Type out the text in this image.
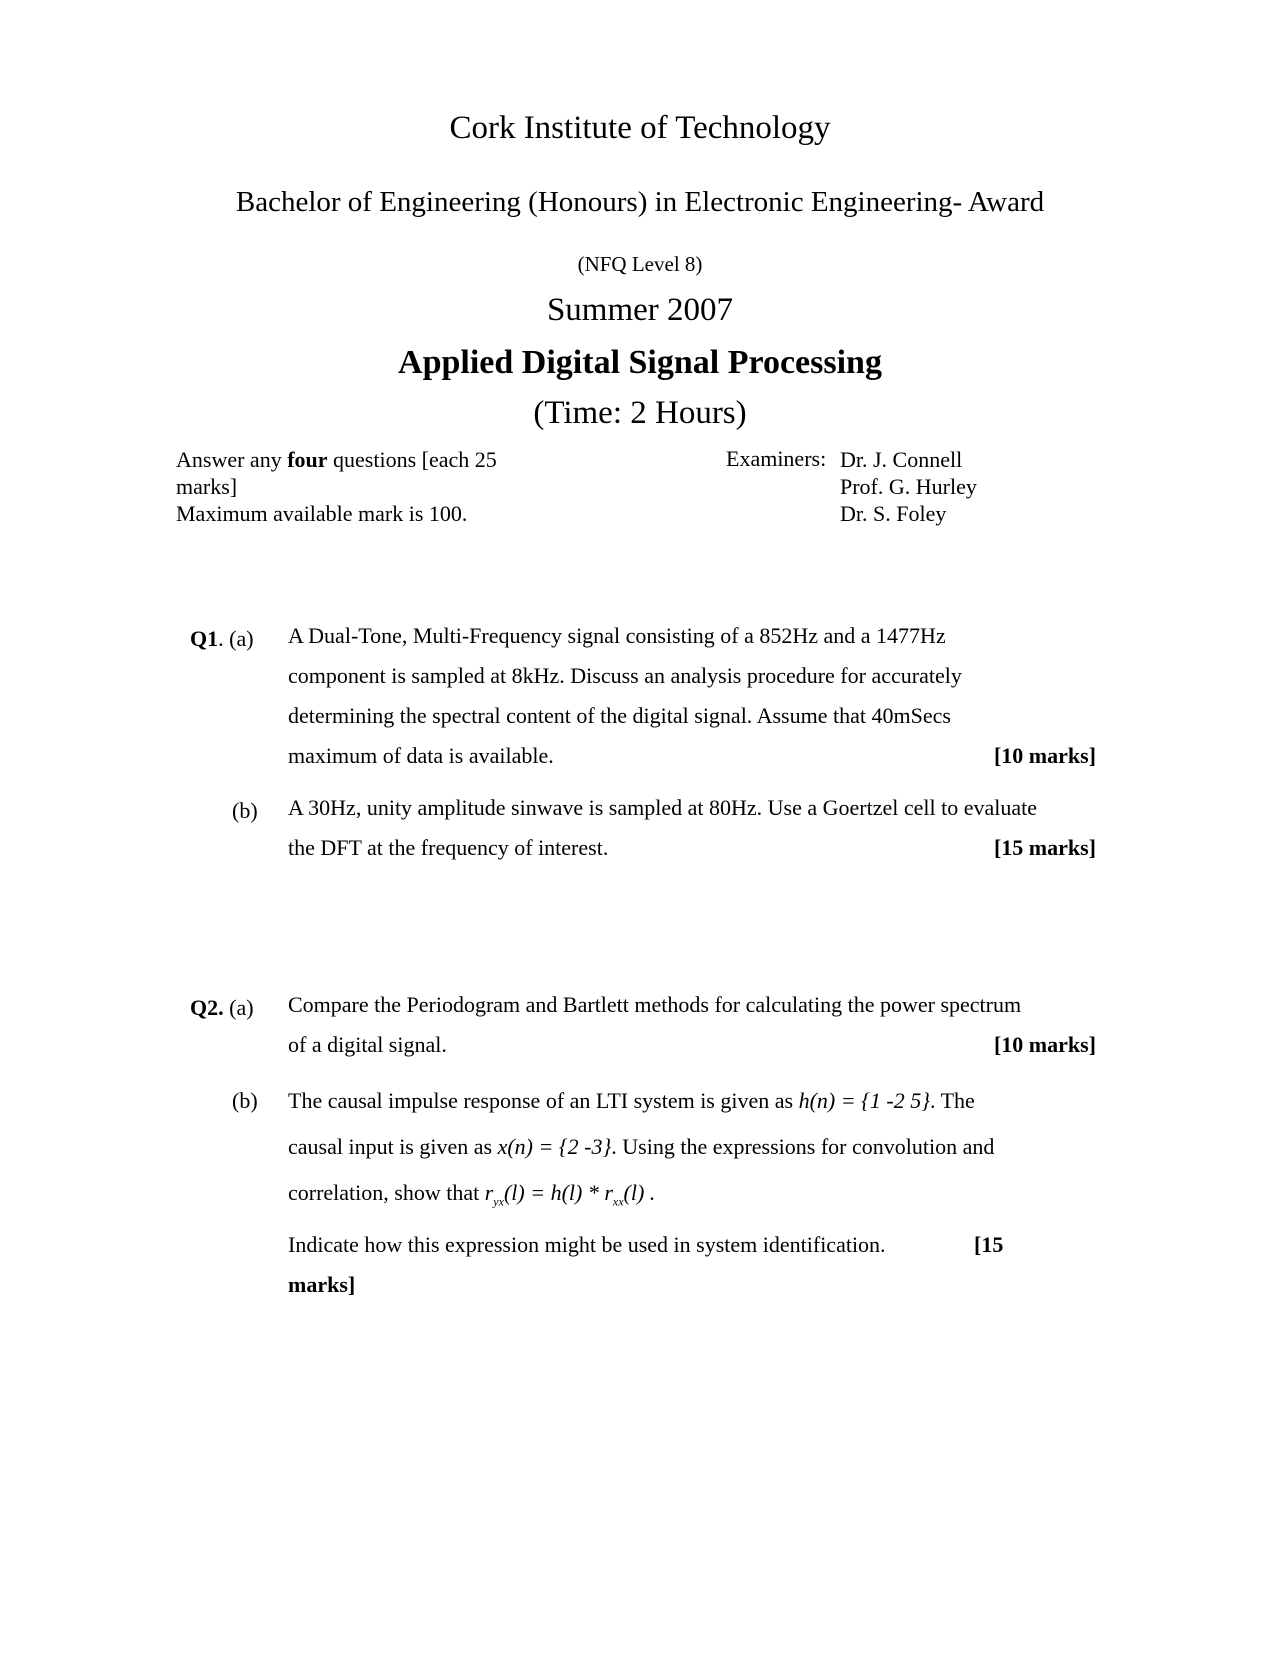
Cork Institute of Technology
Bachelor of Engineering (Honours) in Electronic Engineering- Award
(NFQ Level 8)
Summer 2007
Applied Digital Signal Processing
(Time: 2 Hours)
Answer any four questions [each 25 marks]
Maximum available mark is 100.
Examiners: Dr. J. Connell
Prof. G. Hurley
Dr. S. Foley
Q1. (a) A Dual-Tone, Multi-Frequency signal consisting of a 852Hz and a 1477Hz
component is sampled at 8kHz. Discuss an analysis procedure for accurately
determining the spectral content of the digital signal. Assume that 40mSecs
maximum of data is available.	[10 marks]
(b) A 30Hz, unity amplitude sinwave is sampled at 80Hz. Use a Goertzel cell to evaluate
the DFT at the frequency of interest.	[15 marks]
Q2. (a) Compare the Periodogram and Bartlett methods for calculating the power spectrum
of a digital signal.	[10 marks]
(b) The causal impulse response of an LTI system is given as h(n) = {1 -2 5}. The
causal input is given as x(n) = {2 -3}. Using the expressions for convolution and
correlation, show that $r_{yx}(l) = h(l) * r_{xx}(l)$ .
Indicate how this expression might be used in system identification.	[15
marks]
